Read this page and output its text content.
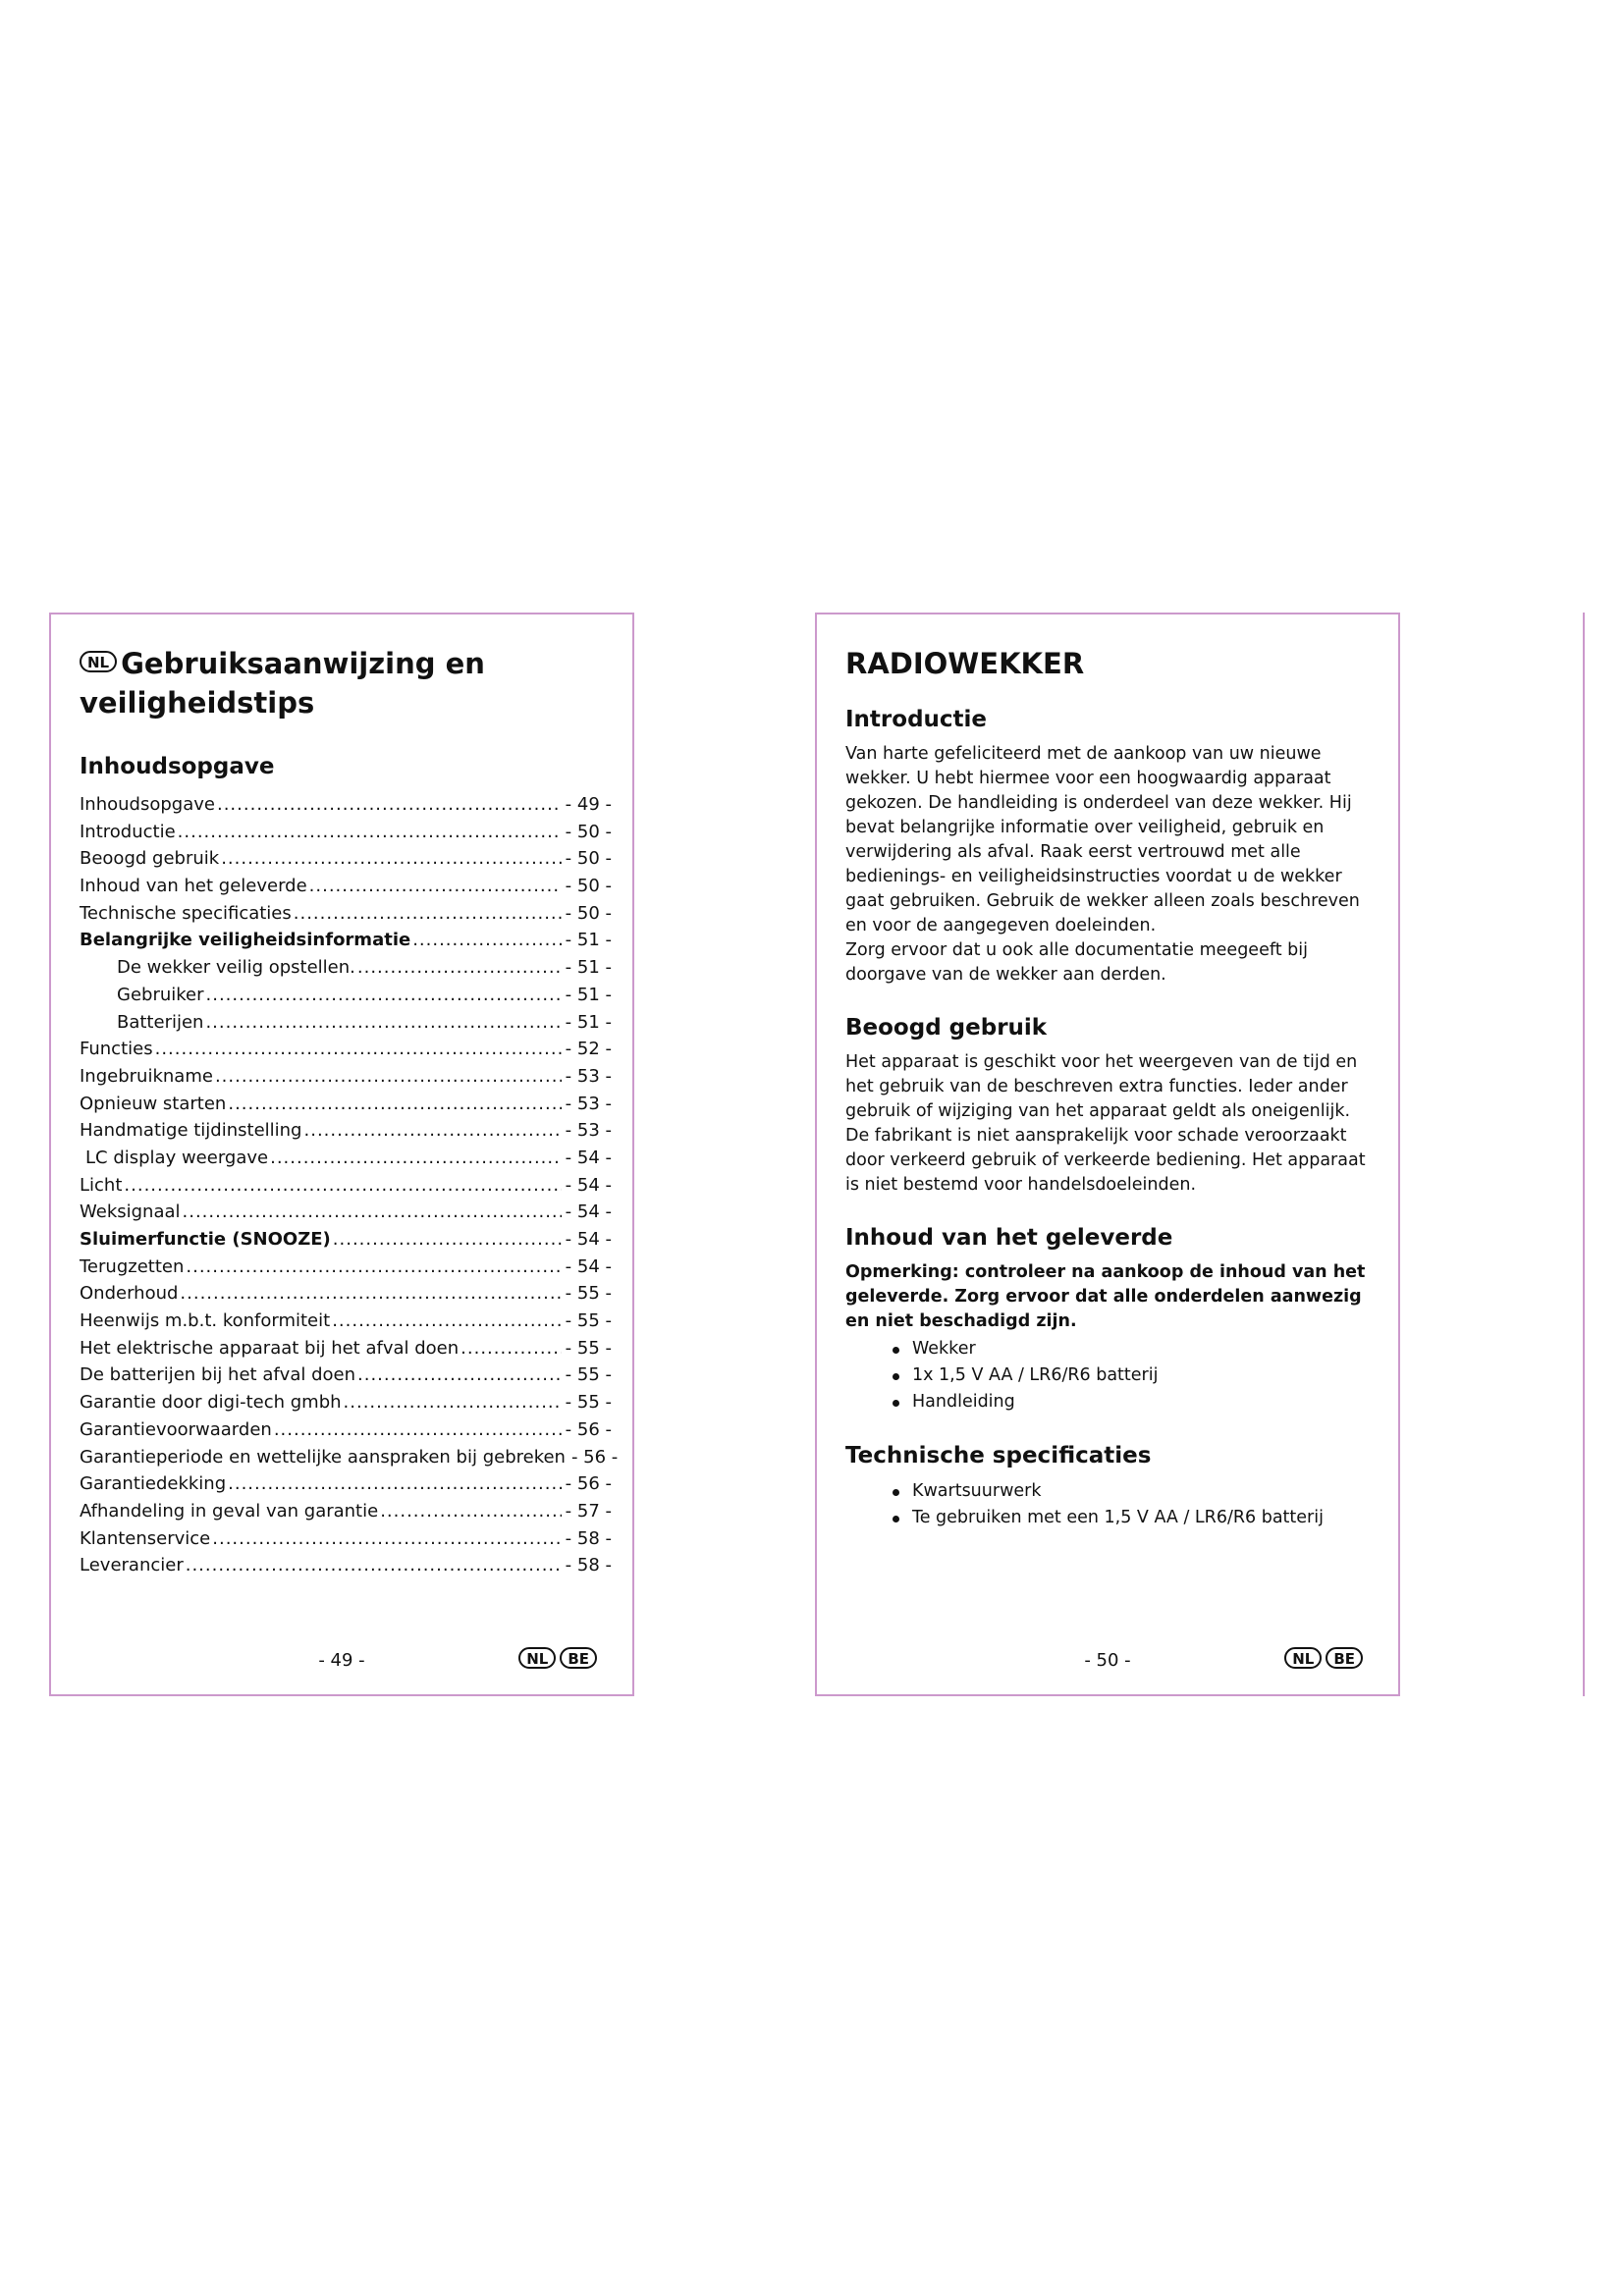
NL Gebruiksaanwijzing en veiligheidstips
Inhoudsopgave
Inhoudsopgave .....	- 49 -
Introductie .....	- 50 -
Beoogd gebruik .....	- 50 -
Inhoud van het geleverde .....	- 50 -
Technische specificaties .....	- 50 -
Belangrijke veiligheidsinformatie .....	- 51 -
De wekker veilig opstellen. .....	- 51 -
Gebruiker .....	- 51 -
Batterijen .....	- 51 -
Functies .....	- 52 -
Ingebruikname .....	- 53 -
Opnieuw starten .....	- 53 -
Handmatige tijdinstelling .....	- 53 -
LC display weergave .....	- 54 -
Licht .....	- 54 -
Weksignaal .....	- 54 -
Sluimerfunctie (SNOOZE) .....	- 54 -
Terugzetten .....	- 54 -
Onderhoud .....	- 55 -
Heenwijs m.b.t. konformiteit .....	- 55 -
Het elektrische apparaat bij het afval doen .....	- 55 -
De batterijen bij het afval doen .....	- 55 -
Garantie door digi-tech gmbh .....	- 55 -
Garantievoorwaarden .....	- 56 -
Garantieperiode en wettelijke aanspraken bij gebreken - 56 -
Garantiedekking .....	- 56 -
Afhandeling in geval van garantie .....	- 57 -
Klantenservice .....	- 58 -
Leverancier .....	- 58 -
- 49 -	NL BE
RADIOWEKKER
Introductie

Van harte gefeliciteerd met de aankoop van uw nieuwe wekker. U hebt hiermee voor een hoogwaardig apparaat gekozen. De handleiding is onderdeel van deze wekker. Hij bevat belangrijke informatie over veiligheid, gebruik en verwijdering als afval. Raak eerst vertrouwd met alle bedienings- en veiligheidsinstructies voordat u de wekker gaat gebruiken. Gebruik de wekker alleen zoals beschreven en voor de aangegeven doeleinden.

Zorg ervoor dat u ook alle documentatie meegeeft bij doorgave van de wekker aan derden.

Beoogd gebruik

Het apparaat is geschikt voor het weergeven van de tijd en het gebruik van de beschreven extra functies. Ieder ander gebruik of wijziging van het apparaat geldt als oneigenlijk. De fabrikant is niet aansprakelijk voor schade veroorzaakt door verkeerd gebruik of verkeerde bediening. Het apparaat is niet bestemd voor handelsdoeleinden.

Inhoud van het geleverde

Opmerking: controleer na aankoop de inhoud van het geleverde. Zorg ervoor dat alle onderdelen aanwezig en niet beschadigd zijn.

Wekker
1x 1,5 V AA / LR6/R6 batterij
Handleiding
Technische specificaties
Kwartsuurwerk
Te gebruiken met een 1,5 V AA / LR6/R6 batterij
- 50 -	NL BE
